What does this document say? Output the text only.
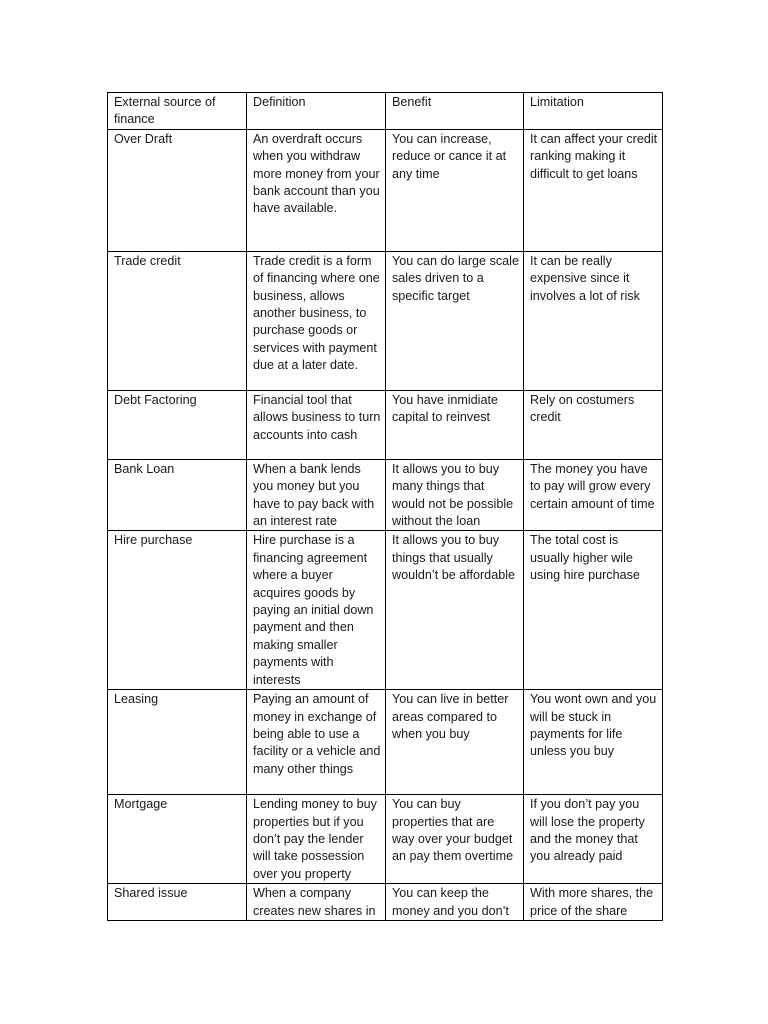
External source of finance	Definition	Benefit	Limitation

Over Draft	An overdraft occurs when you withdraw more money from your bank account than you have available.	You can increase, reduce or cance it at any time	It can affect your credit ranking making it difficult to get loans

Trade credit	Trade credit is a form of financing where one business, allows another business, to purchase goods or services with payment due at a later date.	You can do large scale sales driven to a specific target	It can be really expensive since it involves a lot of risk

Debt Factoring	Financial tool that allows business to turn accounts into cash	You have inmidiate capital to reinvest	Rely on costumers credit

Bank Loan	When a bank lends you money but you have to pay back with an interest rate	It allows you to buy many things that would not be possible without the loan	The money you have to pay will grow every certain amount of time

Hire purchase	Hire purchase is a financing agreement where a buyer acquires goods by paying an initial down payment and then making smaller payments with interests	It allows you to buy things that usually wouldn’t be affordable	The total cost is usually higher wile using hire purchase

Leasing	Paying an amount of money in exchange of being able to use a facility or a vehicle and many other things	You can live in better areas compared to when you buy	You wont own and you will be stuck in payments for life unless you buy

Mortgage	Lending money to buy properties but if you don’t pay the lender will take possession over you property	You can buy properties that are way over your budget an pay them overtime	If you don’t pay you will lose the property and the money that you already paid

Shared issue	When a company creates new shares in	You can keep the money and you don’t	With more shares, the price of the share
